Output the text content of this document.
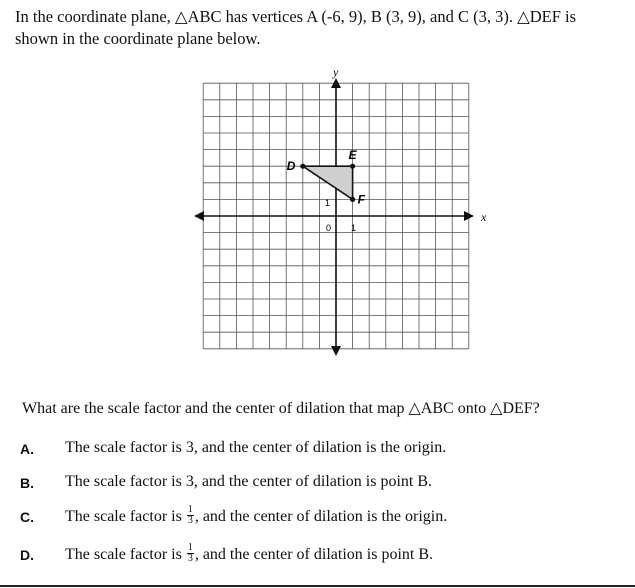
In the coordinate plane, △ABC has vertices A (-6, 9), B (3, 9), and C (3, 3). △DEF is
shown in the coordinate plane below.

x
y
0 1
1
D
E
F

What are the scale factor and the center of dilation that map △ABC onto △DEF?

A.	The scale factor is 3, and the center of dilation is the origin.
B.	The scale factor is 3, and the center of dilation is point B.
C.	The scale factor is $\frac{1}{3}$ , and the center of dilation is the origin.
D.	The scale factor is $\frac{1}{3}$ , and the center of dilation is point B.
